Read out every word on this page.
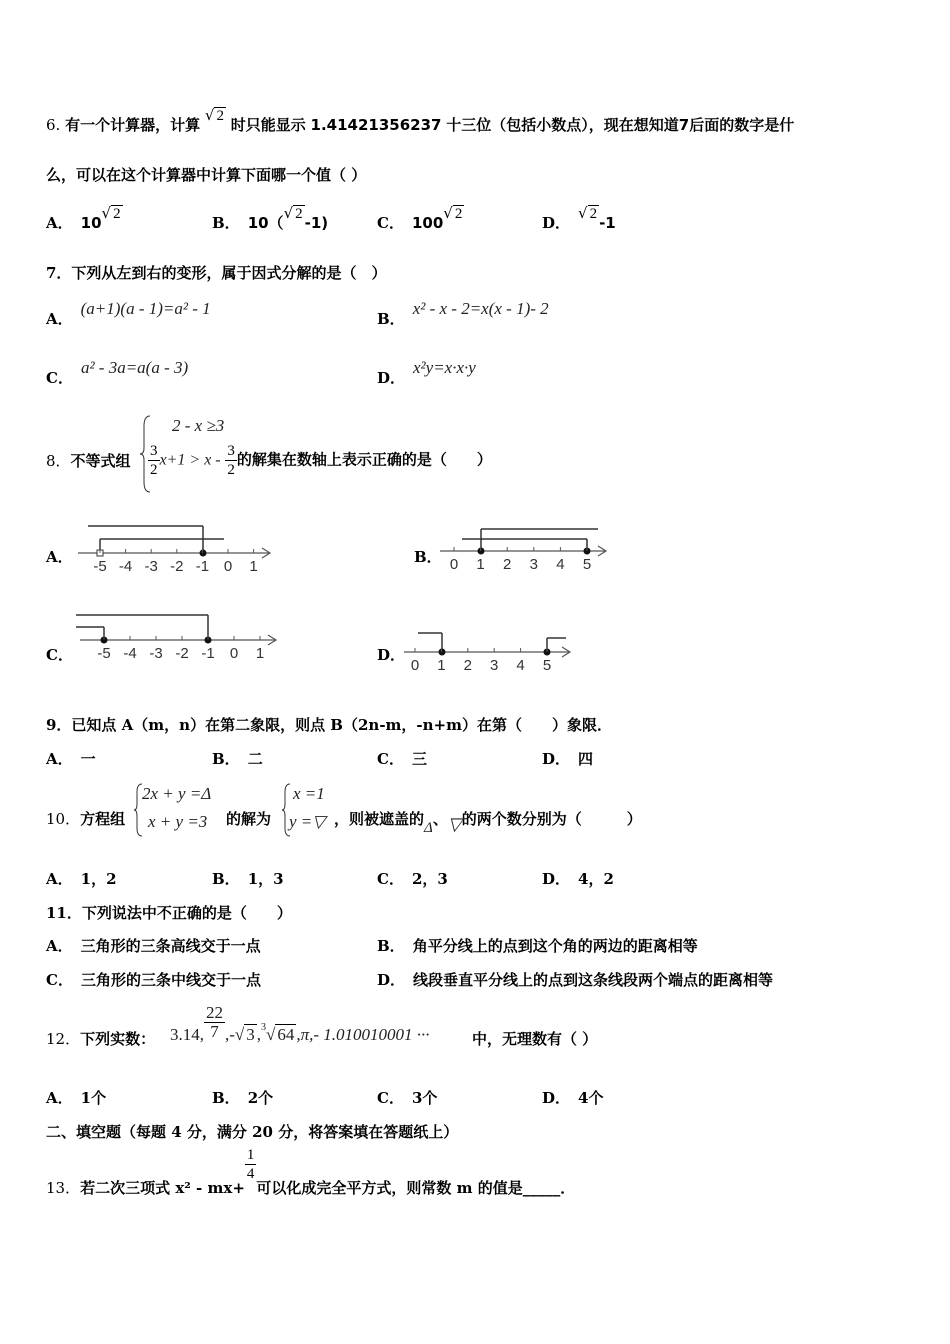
6. 有一个计算器，计算 √ 2 时只能显示 1.41421356237 十三位（包括小数点），现在想知道7后面的数字是什
么，可以在这个计算器中计算下面哪一个值（ ）
A． 10√ 2	B． 10（√ 2 -1)	C． 100√ 2	D．√ 2 -1
7．下列从左到右的变形，属于因式分解的是（　）
A．(a+1)(a - 1)=a² - 1
B．x² - x - 2=x(x - 1)- 2
C．a² - 3a=a(a - 3)
D．x²y=x·x·y
8．不等式组
2 - x ≥3
$\frac{3}{2} x+1 > x - \frac{3}{2}$ 的解集在数轴上表示正确的是（　　）
A．
-5 -4 -3 -2 -1 0 1
B． 0 1 2 3 4 5
C． -5 -4 -3 -2 -1 0 1	D．
0 1 2 3 4 5
9．已知点 A（m，n）在第二象限，则点 B（2n-m，-n+m）在第（　　）象限．
A． 一	B． 二	C． 三	D． 四
10．方程组
2x + y =Δ
x + y =3 的解为
x =1
y =▽ ，则被遮盖的Δ、▽的两个数分别为（　　　）
A． 1，2	B． 1，3	C． 2，3	D． 4，2
11．下列说法中不正确的是（　　）
A． 三角形的三条高线交于一点	B． 角平分线上的点到这个角的两边的距离相等
C． 三角形的三条中线交于一点	D． 线段垂直平分线上的点到这条线段两个端点的距离相等
12．下列实数： 3.14, $\frac{22}{7}$ ,-√ 3 ,$^3$√ 64 ,π,- 1.010010001 ···	中，无理数有（ ）
A． 1个	B． 2个	C． 3个	D． 4个
二、填空题（每题 4 分，满分 20 分，将答案填在答题纸上）
13．若二次三项式 x² - mx+
$\frac{1}{4}$
可以化成完全平方式，则常数 m 的值是_____．
